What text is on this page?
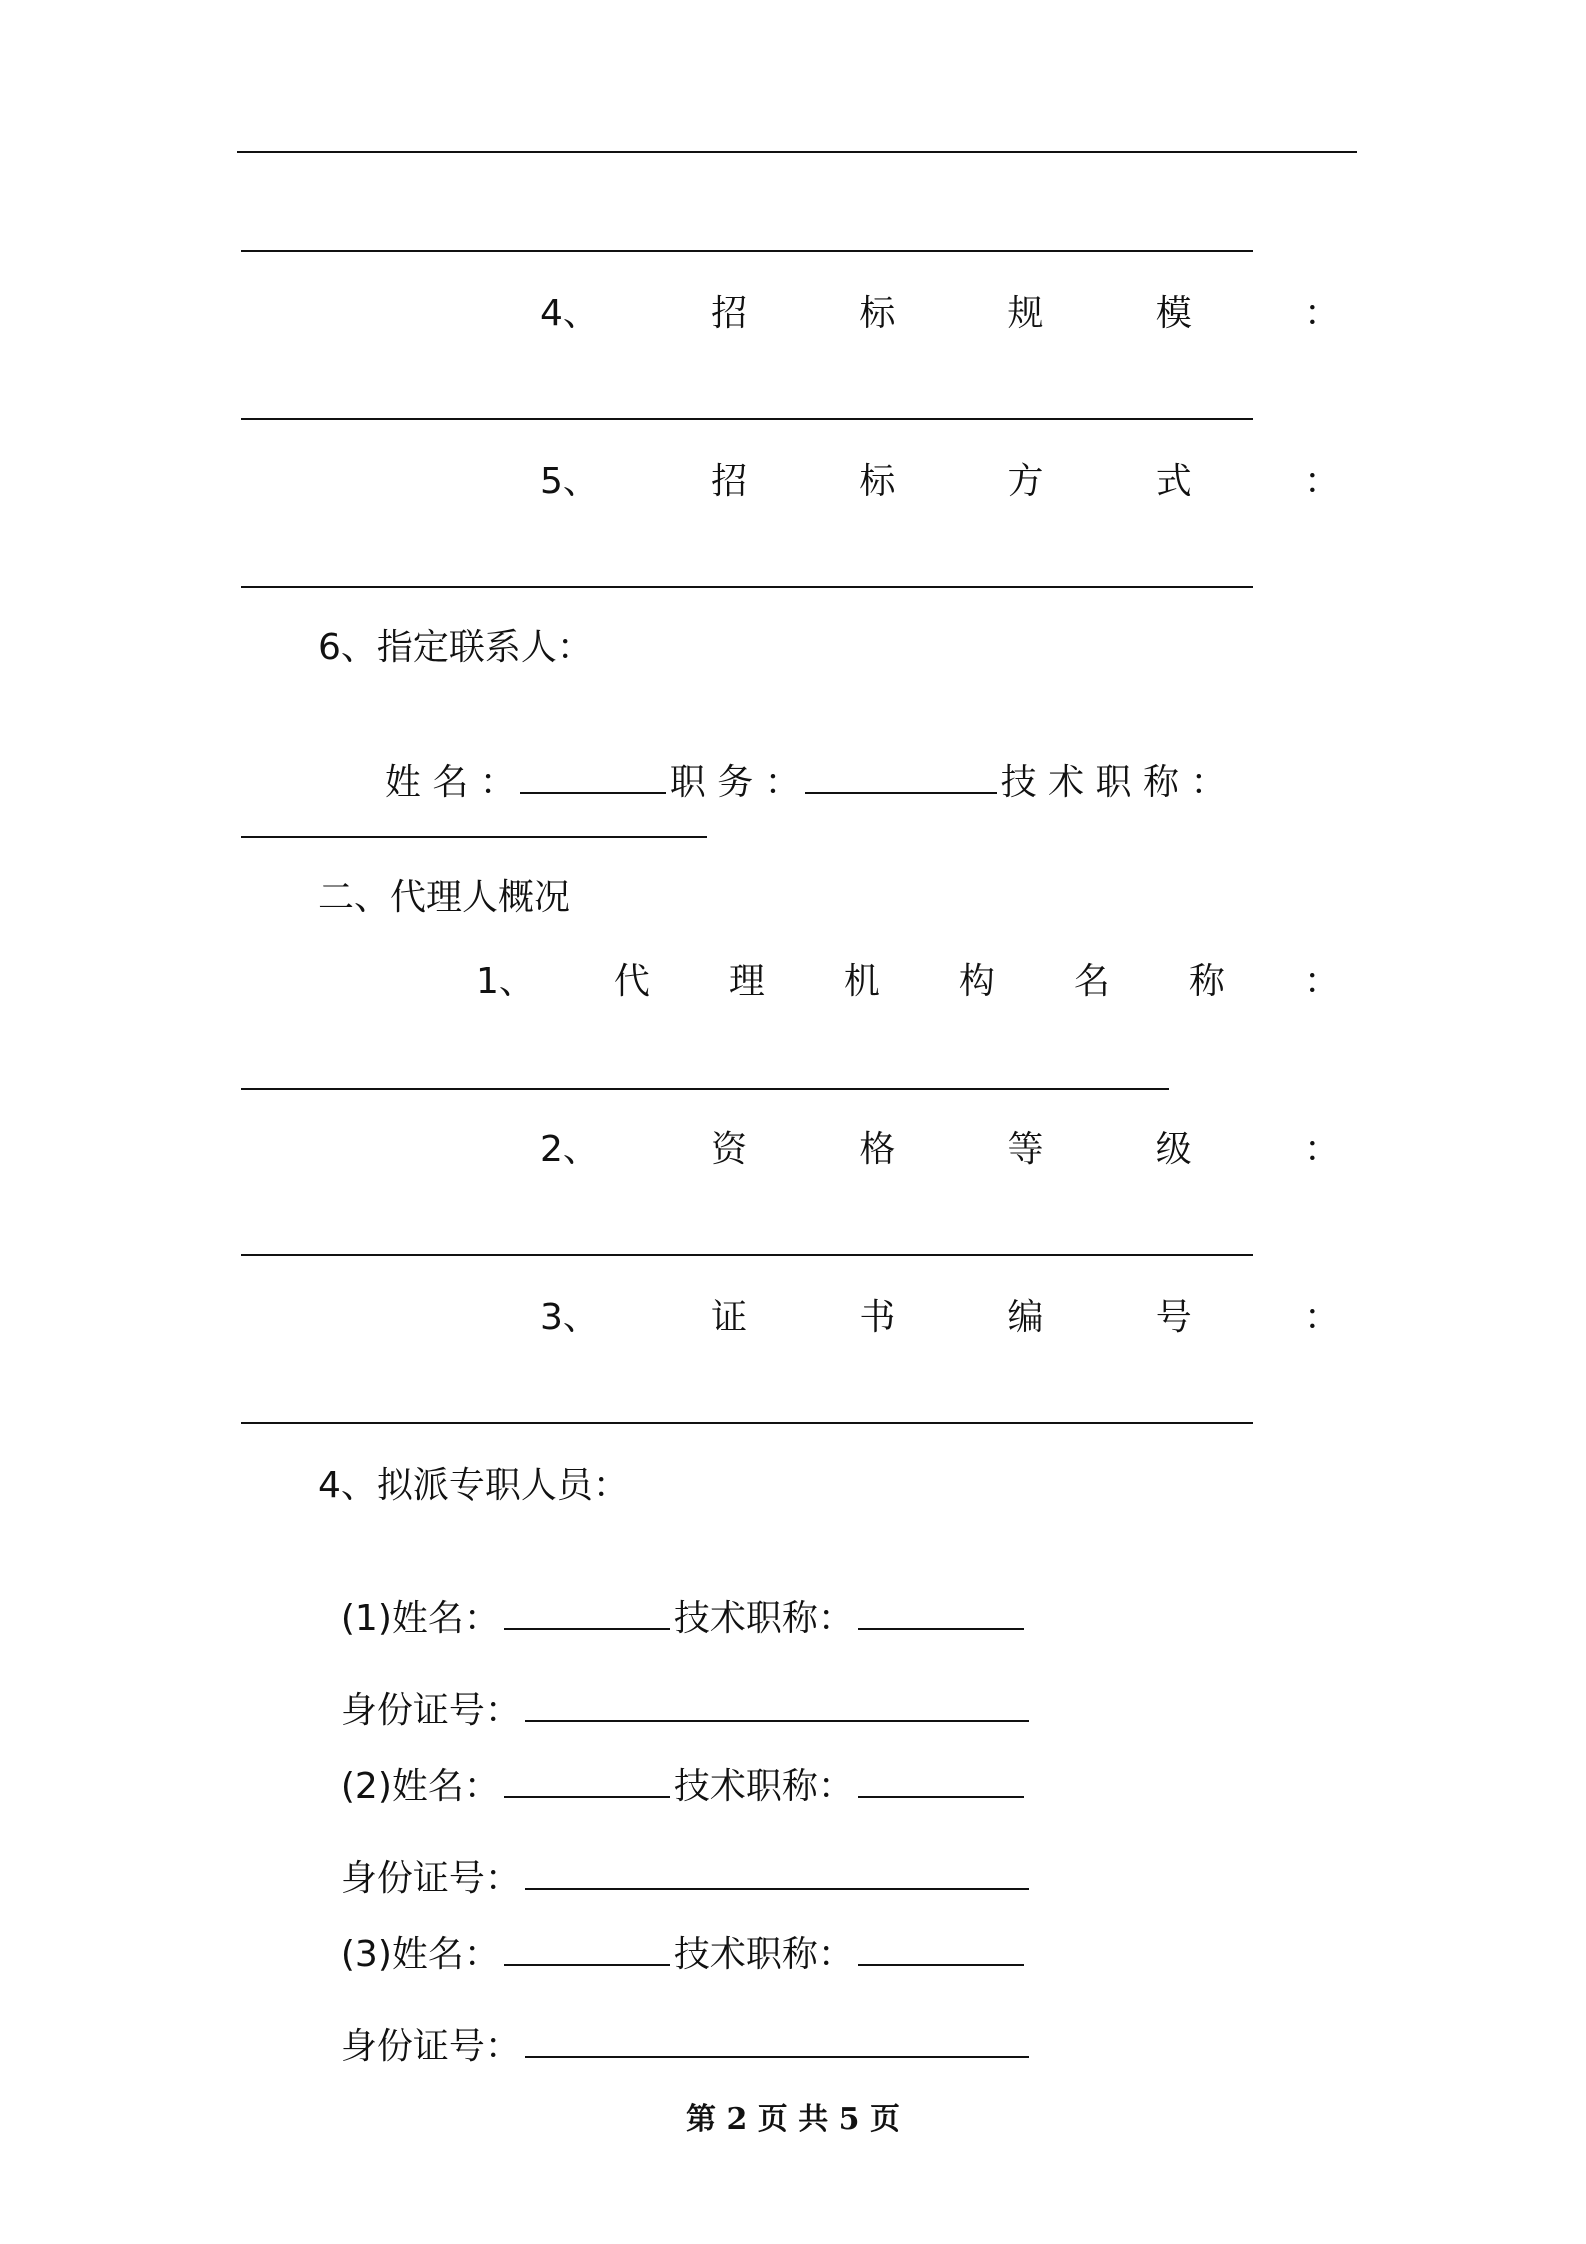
4、	招	标	规	模	：
5、	招	标	方	式	：
6、指定联系人：

姓 名 ：	职 务 ：	技 术 职 称 ：

二、代理人概况
1、 代 理 机 构 名 称 ：
2、	资	格	等	级	：
3、	证	书	编	号	：
4、拟派专职人员：

(1)姓名：	技术职称：

身份证号：

(2)姓名：	技术职称：

身份证号：

(3)姓名：	技术职称：

身份证号：

第 2 页 共 5 页
